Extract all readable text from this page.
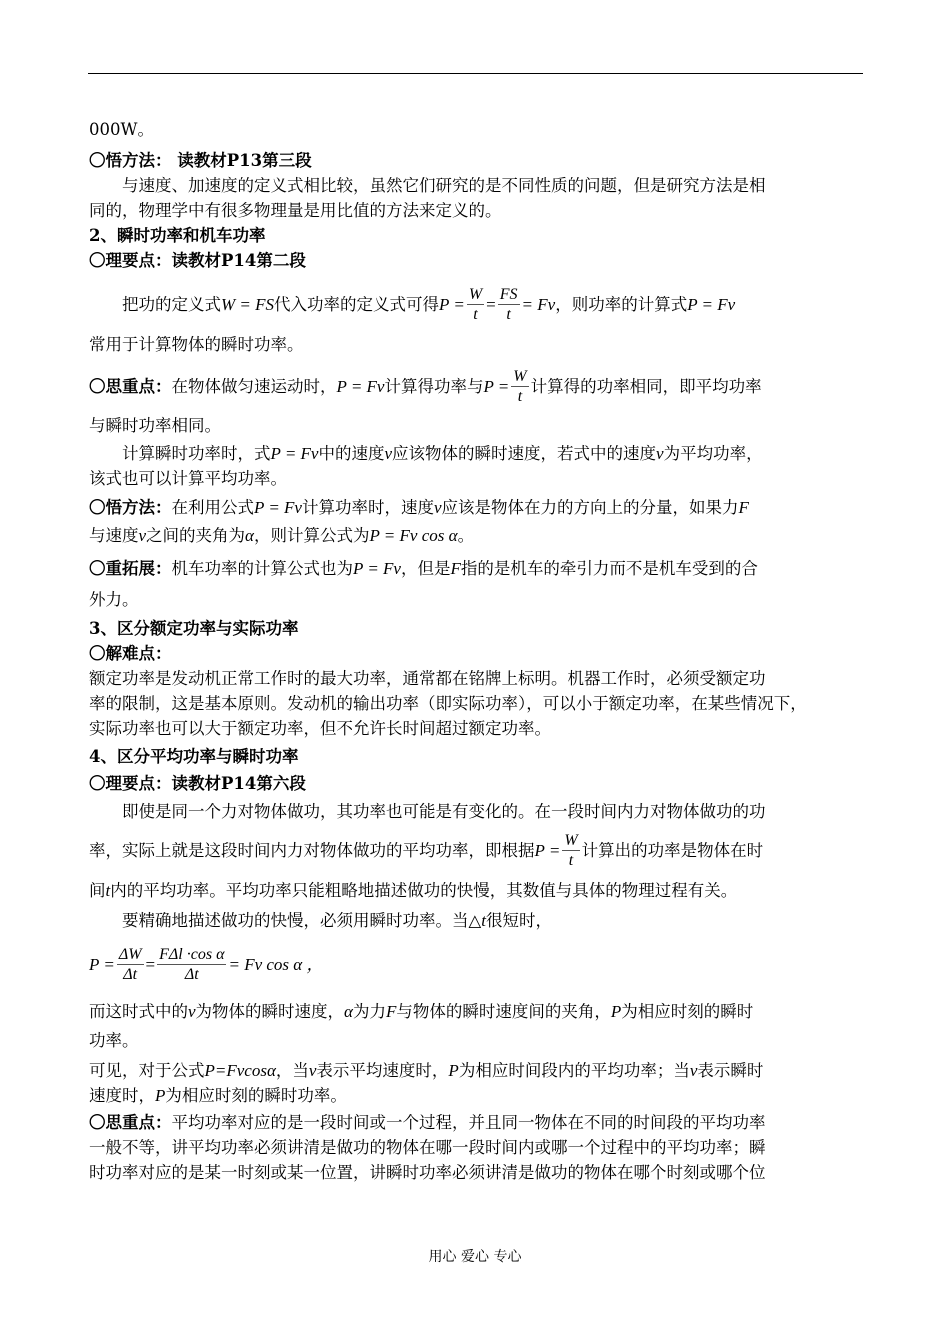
000W。
〇悟方法： 读教材P13第三段
与速度、加速度的定义式相比较，虽然它们研究的是不同性质的问题，但是研究方法是相
同的，物理学中有很多物理量是用比值的方法来定义的。
2、瞬时功率和机车功率
〇理要点：读教材P14第二段
把功的定义式W = FS代入功率的定义式可得$P = \frac{W}{t} = \frac{FS}{t} = Fv$，则功率的计算式P = Fv
常用于计算物体的瞬时功率。
〇思重点：在物体做匀速运动时，P = Fv计算得功率与$P = \frac{W}{t}$ 计算得的功率相同，即平均功率
与瞬时功率相同。
计算瞬时功率时，式P = Fv中的速度v应该物体的瞬时速度，若式中的速度v为平均功率，
该式也可以计算平均功率。
〇悟方法：在利用公式P = Fv计算功率时，速度v应该是物体在力的方向上的分量，如果力F
与速度v之间的夹角为α，则计算公式为P = Fv cos α。
〇重拓展：机车功率的计算公式也为P = Fv，但是F指的是机车的牵引力而不是机车受到的合
外力。
3、区分额定功率与实际功率
〇解难点：
额定功率是发动机正常工作时的最大功率，通常都在铭牌上标明。机器工作时，必须受额定功
率的限制，这是基本原则。发动机的输出功率（即实际功率），可以小于额定功率，在某些情况下，
实际功率也可以大于额定功率，但不允许长时间超过额定功率。
4、区分平均功率与瞬时功率
〇理要点：读教材P14第六段
即使是同一个力对物体做功，其功率也可能是有变化的。在一段时间内力对物体做功的功
率，实际上就是这段时间内力对物体做功的平均功率，即根据$P = \frac{W}{t}$ 计算出的功率是物体在时
间t内的平均功率。平均功率只能粗略地描述做功的快慢，其数值与具体的物理过程有关。
要精确地描述做功的快慢，必须用瞬时功率。当△t很短时，
$P = \frac{\Delta W}{\Delta t} = \frac{\text{FΔl ·cos α}}{\Delta t} = Fv$ cos α ，
而这时式中的v为物体的瞬时速度，α为力F与物体的瞬时速度间的夹角，P为相应时刻的瞬时
功率。
可见，对于公式P=Fvcosα，当v表示平均速度时，P为相应时间段内的平均功率；当v表示瞬时
速度时，P为相应时刻的瞬时功率。
〇思重点：平均功率对应的是一段时间或一个过程，并且同一物体在不同的时间段的平均功率
一般不等，讲平均功率必须讲清是做功的物体在哪一段时间内或哪一个过程中的平均功率；瞬
时功率对应的是某一时刻或某一位置，讲瞬时功率必须讲清是做功的物体在哪个时刻或哪个位
用心 爱心 专心
